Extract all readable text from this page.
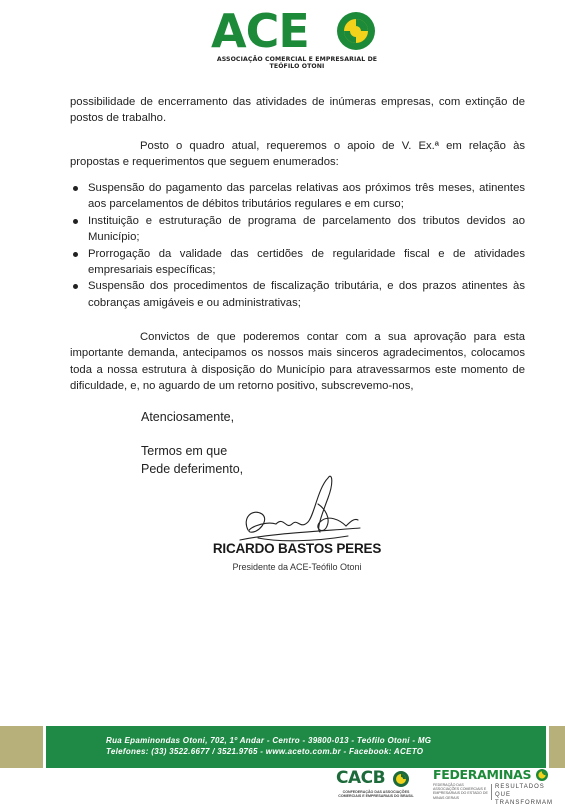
ACE
ASSOCIAÇÃO COMERCIAL E EMPRESARIAL DE TEÓFILO OTONI

possibilidade de encerramento das atividades de inúmeras empresas, com extinção de postos de trabalho.

Posto o quadro atual, requeremos o apoio de V. Ex.ª em relação às propostas e requerimentos que seguem enumerados:

Suspensão do pagamento das parcelas relativas aos próximos três meses, atinentes aos parcelamentos de débitos tributários regulares e em curso;
Instituição e estruturação de programa de parcelamento dos tributos devidos ao Município;
Prorrogação da validade das certidões de regularidade fiscal e de atividades empresariais específicas;
Suspensão dos procedimentos de fiscalização tributária, e dos prazos atinentes às cobranças amigáveis e ou administrativas;

Convictos de que poderemos contar com a sua aprovação para esta importante demanda, antecipamos os nossos mais sinceros agradecimentos, colocamos toda a nossa estrutura à disposição do Município para atravessarmos este momento de dificuldade, e, no aguardo de um retorno positivo, subscrevemo-nos,

Atenciosamente,
Termos em que
Pede deferimento,
RICARDO BASTOS PERES
Presidente da ACE-Teófilo Otoni
Rua Epaminondas Otoni, 702, 1º Andar - Centro - 39800-013 - Teófilo Otoni - MG
Telefones: (33) 3522.6677 / 3521.9765 - www.aceto.com.br - Facebook: ACETO
CACB
CONFEDERAÇÃO DAS ASSOCIAÇÕES COMERCIAIS E EMPRESARIAIS DO BRASIL
FEDERAMINAS
FEDERAÇÃO DAS ASSOCIAÇÕES COMERCIAIS E EMPRESARIAIS DO ESTADO DE MINAS GERAIS
RESULTADOS QUE TRANSFORMAM
